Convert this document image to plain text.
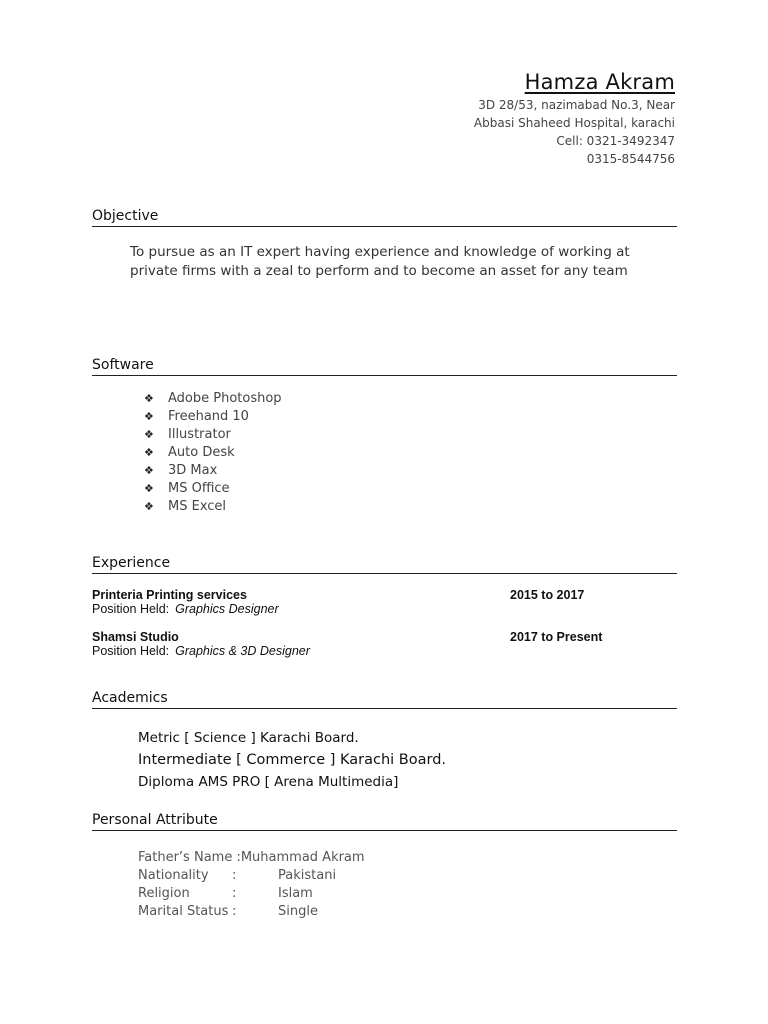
Hamza Akram
3D 28/53, nazimabad No.3, Near
Abbasi Shaheed Hospital, karachi
Cell: 0321-3492347
0315-8544756
Objective
To pursue as an IT expert having experience and knowledge of working at private firms with a zeal to perform and to become an asset for any team
Software
❖	Adobe Photoshop
❖	Freehand 10
❖	Illustrator
❖	Auto Desk
❖	3D Max
❖	MS Office
❖	MS Excel
Experience
Printeria Printing services	2015 to 2017
Position Held: Graphics Designer
Shamsi Studio	2017 to Present
Position Held: Graphics & 3D Designer
Academics
Metric [ Science ] Karachi Board.
Intermediate [ Commerce ] Karachi Board.
Diploma AMS PRO [ Arena Multimedia]
Personal Attribute
Father’s Name :Muhammad Akram
Nationality	:	Pakistani
Religion	:	Islam
Marital Status :	Single
